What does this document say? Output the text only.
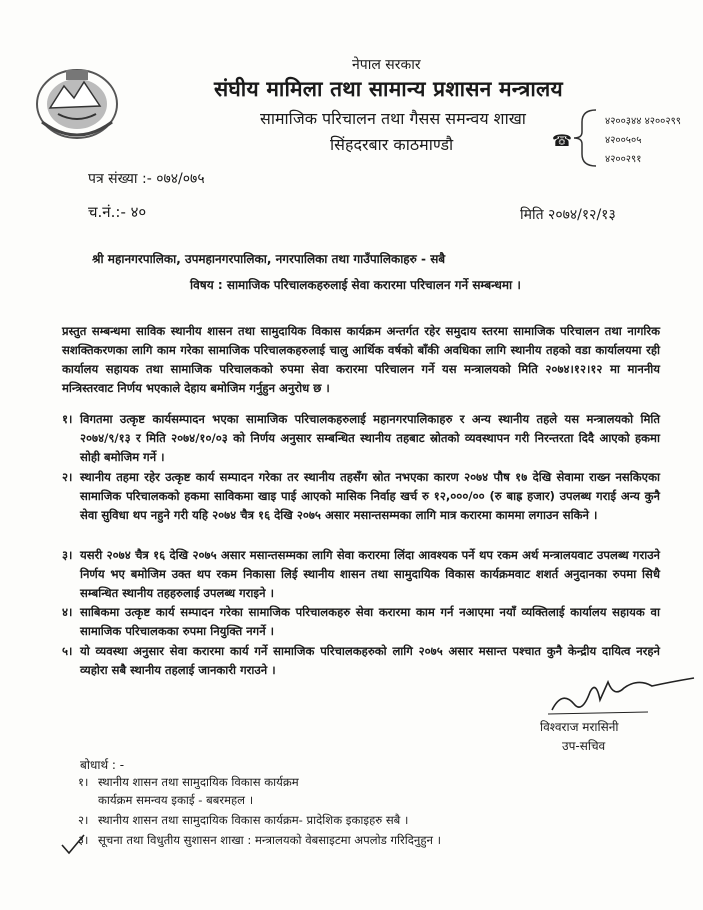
नेपाल सरकार
संघीय मामिला तथा सामान्य प्रशासन मन्त्रालय
सामाजिक परिचालन तथा गैसस समन्वय शाखा
सिंहदरबार काठमाण्डौ	☎
४२००३४४ ४२००२९९
४२००५०५
४२००२९१
पत्र संख्या :- ०७४/०७५
च.नं.:- ४०	मिति २०७४/१२/१३
श्री महानगरपालिका, उपमहानगरपालिका, नगरपालिका तथा गाउँपालिकाहरु - सबै
विषय : सामाजिक परिचालकहरुलाई सेवा करारमा परिचालन गर्ने सम्बन्धमा ।
प्रस्तुत सम्बन्धमा साविक स्थानीय शासन तथा सामुदायिक विकास कार्यक्रम अन्तर्गत रहेर समुदाय स्तरमा सामाजिक परिचालन तथा नागरिक सशक्तिकरणका लागि काम गरेका सामाजिक परिचालकहरुलाई चालु आर्थिक वर्षको बाँकी अवधिका लागि स्थानीय तहको वडा कार्यालयमा रही कार्यालय सहायक तथा सामाजिक परिचालकको रुपमा सेवा करारमा परिचालन गर्ने यस मन्त्रालयको मिति २०७४।१२।१२ मा माननीय मन्त्रिस्तरवाट निर्णय भएकाले देहाय बमोजिम गर्नुहुन अनुरोध छ ।
१। विगतमा उत्कृष्ट कार्यसम्पादन भएका सामाजिक परिचालकहरुलाई महानगरपालिकाहरु र अन्य स्थानीय तहले यस मन्त्रालयको मिति २०७४/९/१३ र मिति २०७४/१०/०३ को निर्णय अनुसार सम्बन्धित स्थानीय तहबाट स्रोतको व्यवस्थापन गरी निरन्तरता दिदै आएको हकमा सोही बमोजिम गर्ने ।
२। स्थानीय तहमा रहेर उत्कृष्ट कार्य सम्पादन गरेका तर स्थानीय तहसँग स्रोत नभएका कारण २०७४ पौष १७ देखि सेवामा राख्न नसकिएका सामाजिक परिचालकको हकमा साविकमा खाइ पाई आएको मासिक निर्वाह खर्च रु १२,०००/०० (रु बाह्र हजार) उपलब्ध गराई अन्य कुनै सेवा सुविधा थप नहुने गरी यहि २०७४ चैत्र १६ देखि २०७५ असार मसान्तसम्मका लागि मात्र करारमा काममा लगाउन सकिने ।
३। यसरी २०७४ चैत्र १६ देखि २०७५ असार मसान्तसम्मका लागि सेवा करारमा लिंदा आवश्यक पर्ने थप रकम अर्थ मन्त्रालयवाट उपलब्ध गराउने निर्णय भए बमोजिम उक्त थप रकम निकासा लिई स्थानीय शासन तथा सामुदायिक विकास कार्यक्रमवाट शशर्त अनुदानका रुपमा सिधै सम्बन्धित स्थानीय तहहरुलाई उपलब्ध गराइने ।
४। साबिकमा उत्कृष्ट कार्य सम्पादन गरेका सामाजिक परिचालकहरु सेवा करारमा काम गर्न नआएमा नयाँ व्यक्तिलाई कार्यालय सहायक वा सामाजिक परिचालकका रुपमा नियुक्ति नगर्ने ।
५। यो व्यवस्था अनुसार सेवा करारमा कार्य गर्ने सामाजिक परिचालकहरुको लागि २०७५ असार मसान्त पश्चात कुनै केन्द्रीय दायित्व नरहने व्यहोरा सबै स्थानीय तहलाई जानकारी गराउने ।
विश्वराज मरासिनी
उप-सचिव
बोधार्थ : -
१। स्थानीय शासन तथा सामुदायिक विकास कार्यक्रम
कार्यक्रम समन्वय इकाई - बबरमहल ।
२। स्थानीय शासन तथा सामुदायिक विकास कार्यक्रम- प्रादेशिक इकाइहरु सबै ।
३। सूचना तथा विधुतीय सुशासन शाखा : मन्त्रालयको वेबसाइटमा अपलोड गरिदिनुहुन ।
